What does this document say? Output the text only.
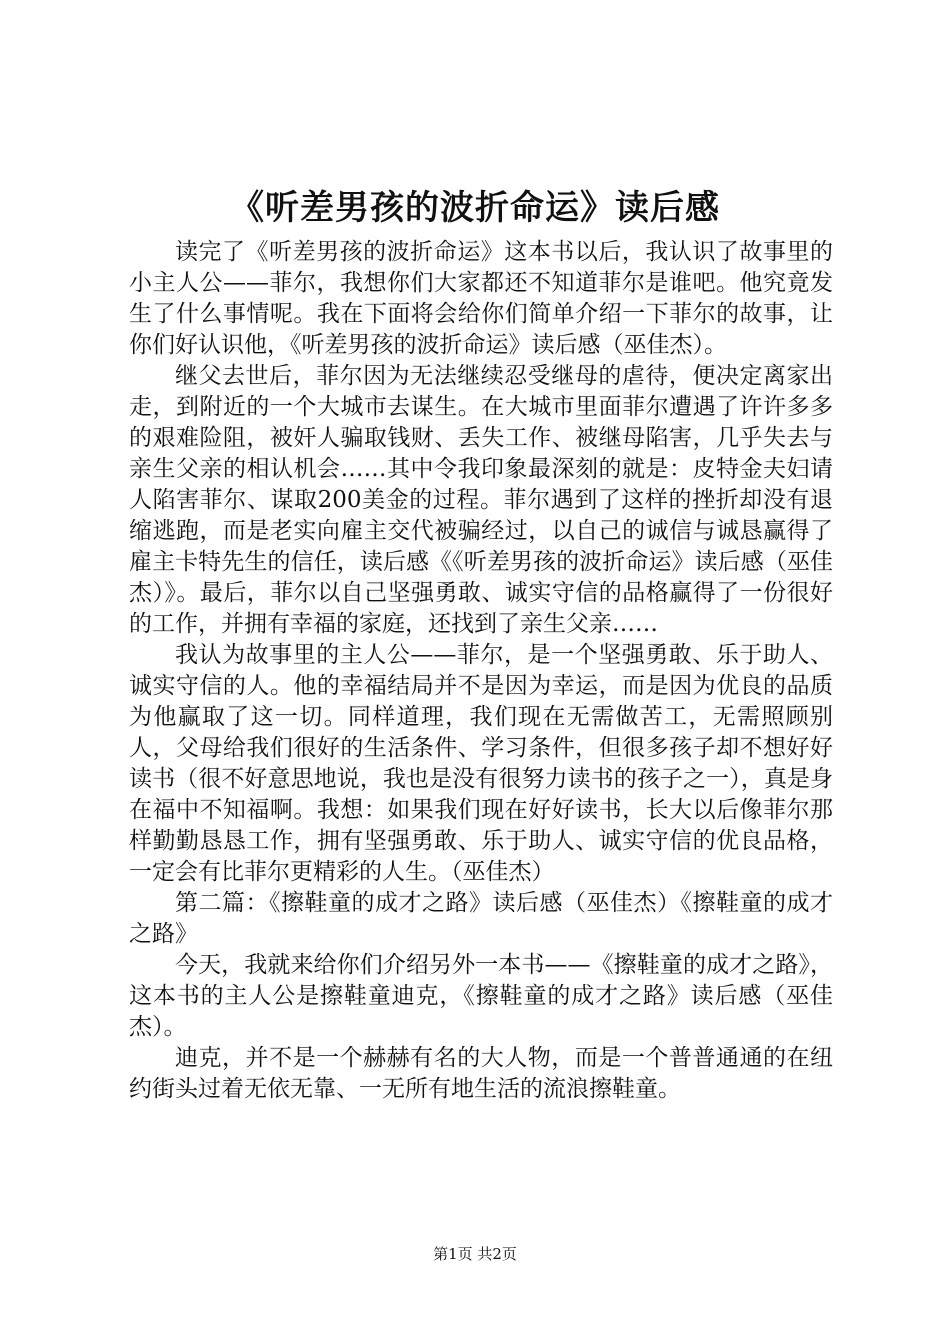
《听差男孩的波折命运》读后感

读完了《听差男孩的波折命运》这本书以后，我认识了故事里的小主人公——菲尔，我想你们大家都还不知道菲尔是谁吧。他究竟发生了什么事情呢。我在下面将会给你们简单介绍一下菲尔的故事，让你们好认识他，《听差男孩的波折命运》读后感（巫佳杰）。

继父去世后，菲尔因为无法继续忍受继母的虐待，便决定离家出走，到附近的一个大城市去谋生。在大城市里面菲尔遭遇了许许多多的艰难险阻，被奸人骗取钱财、丢失工作、被继母陷害，几乎失去与亲生父亲的相认机会……其中令我印象最深刻的就是：皮特金夫妇请人陷害菲尔、谋取200美金的过程。菲尔遇到了这样的挫折却没有退缩逃跑，而是老实向雇主交代被骗经过，以自己的诚信与诚恳赢得了雇主卡特先生的信任，读后感《《听差男孩的波折命运》读后感（巫佳杰）》。最后，菲尔以自己坚强勇敢、诚实守信的品格赢得了一份很好的工作，并拥有幸福的家庭，还找到了亲生父亲……

我认为故事里的主人公——菲尔，是一个坚强勇敢、乐于助人、诚实守信的人。他的幸福结局并不是因为幸运，而是因为优良的品质为他赢取了这一切。同样道理，我们现在无需做苦工，无需照顾别人，父母给我们很好的生活条件、学习条件，但很多孩子却不想好好读书（很不好意思地说，我也是没有很努力读书的孩子之一），真是身在福中不知福啊。我想：如果我们现在好好读书，长大以后像菲尔那样勤勤恳恳工作，拥有坚强勇敢、乐于助人、诚实守信的优良品格，一定会有比菲尔更精彩的人生。（巫佳杰）

第二篇：《擦鞋童的成才之路》读后感（巫佳杰）《擦鞋童的成才之路》

今天，我就来给你们介绍另外一本书——《擦鞋童的成才之路》，这本书的主人公是擦鞋童迪克，《擦鞋童的成才之路》读后感（巫佳杰）。

迪克，并不是一个赫赫有名的大人物，而是一个普普通通的在纽约街头过着无依无靠、一无所有地生活的流浪擦鞋童。

第1页 共2页
